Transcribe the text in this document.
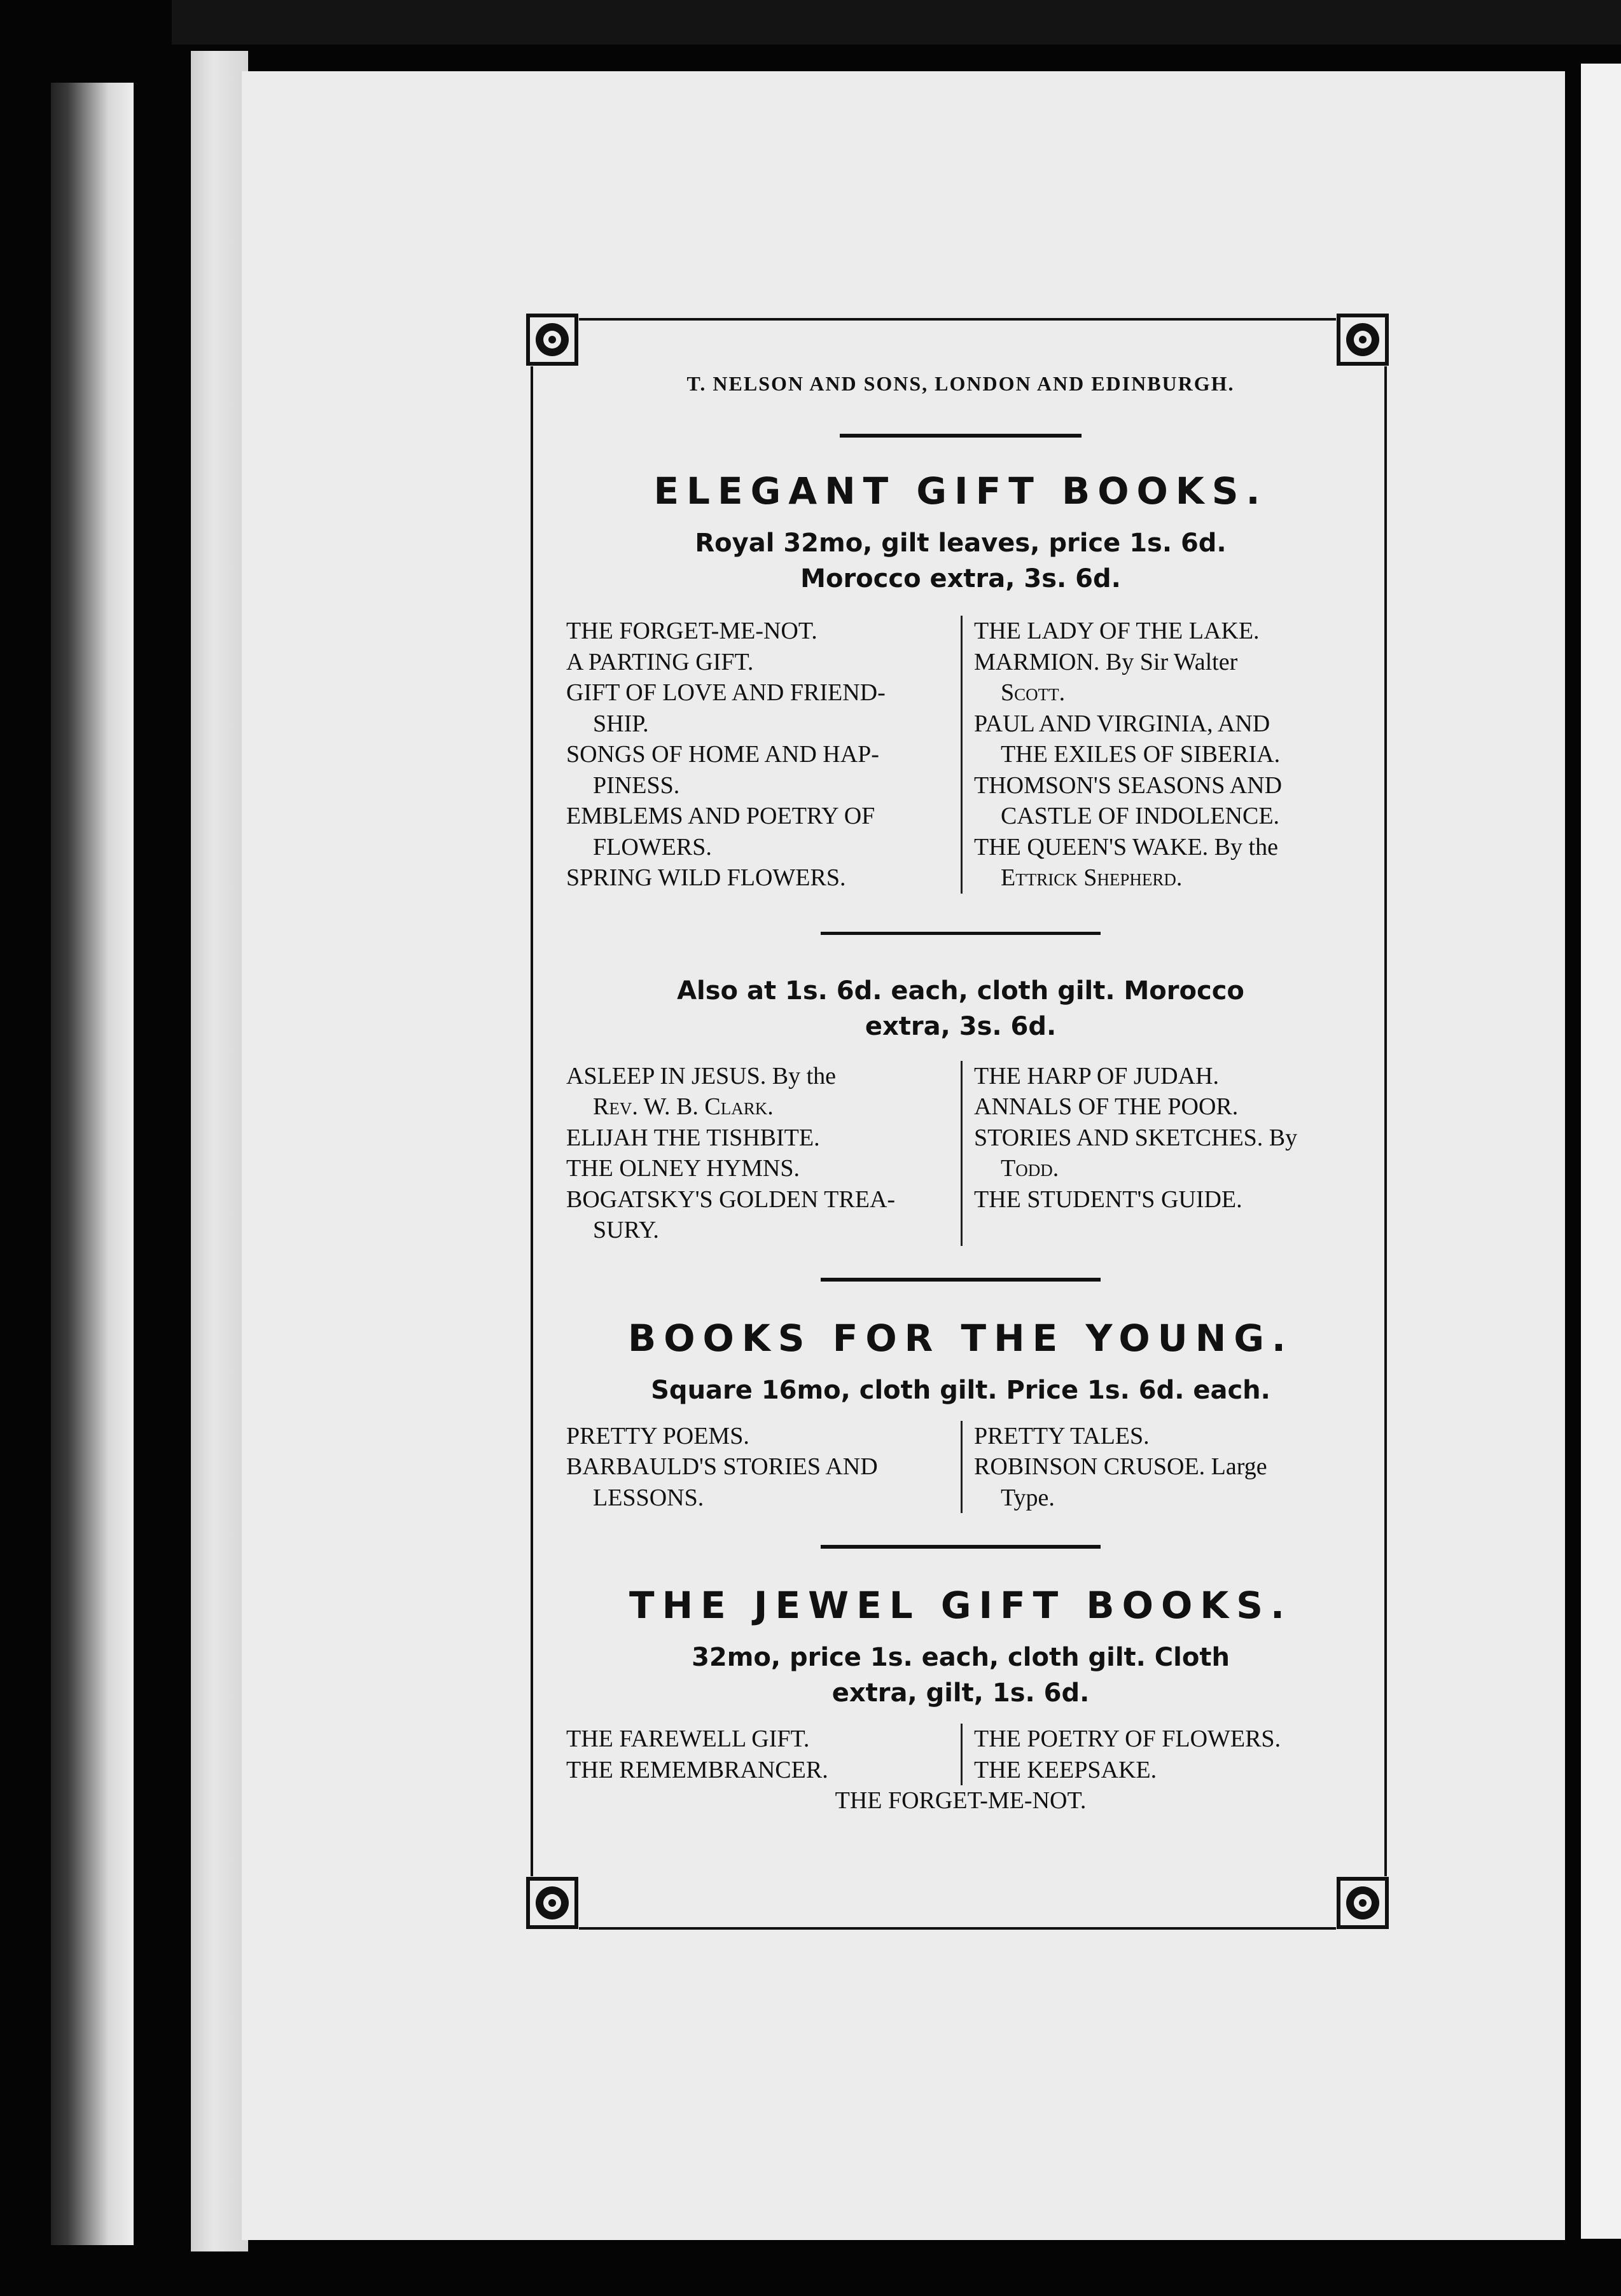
T. NELSON AND SONS, LONDON AND EDINBURGH.
ELEGANT GIFT BOOKS.
Royal 32mo, gilt leaves, price 1s. 6d.
Morocco extra, 3s. 6d.
THE FORGET-ME-NOT.
A PARTING GIFT.
GIFT OF LOVE AND FRIEND-
SHIP.
SONGS OF HOME AND HAP-
PINESS.
EMBLEMS AND POETRY OF
FLOWERS.
SPRING WILD FLOWERS.
THE LADY OF THE LAKE.
MARMION. By Sir Walter
Scott.
PAUL AND VIRGINIA, AND
THE EXILES OF SIBERIA.
THOMSON'S SEASONS AND
CASTLE OF INDOLENCE.
THE QUEEN'S WAKE. By the
Ettrick Shepherd.
Also at 1s. 6d. each, cloth gilt. Morocco
extra, 3s. 6d.
ASLEEP IN JESUS. By the
Rev. W. B. Clark.
ELIJAH THE TISHBITE.
THE OLNEY HYMNS.
BOGATSKY'S GOLDEN TREA-
SURY.
THE HARP OF JUDAH.
ANNALS OF THE POOR.
STORIES AND SKETCHES. By
Todd.
THE STUDENT'S GUIDE.
BOOKS FOR THE YOUNG.
Square 16mo, cloth gilt. Price 1s. 6d. each.
PRETTY POEMS.
BARBAULD'S STORIES AND
LESSONS.
PRETTY TALES.
ROBINSON CRUSOE. Large
Type.
THE JEWEL GIFT BOOKS.
32mo, price 1s. each, cloth gilt. Cloth
extra, gilt, 1s. 6d.
THE FAREWELL GIFT.
THE REMEMBRANCER.
THE POETRY OF FLOWERS.
THE KEEPSAKE.
THE FORGET-ME-NOT.
